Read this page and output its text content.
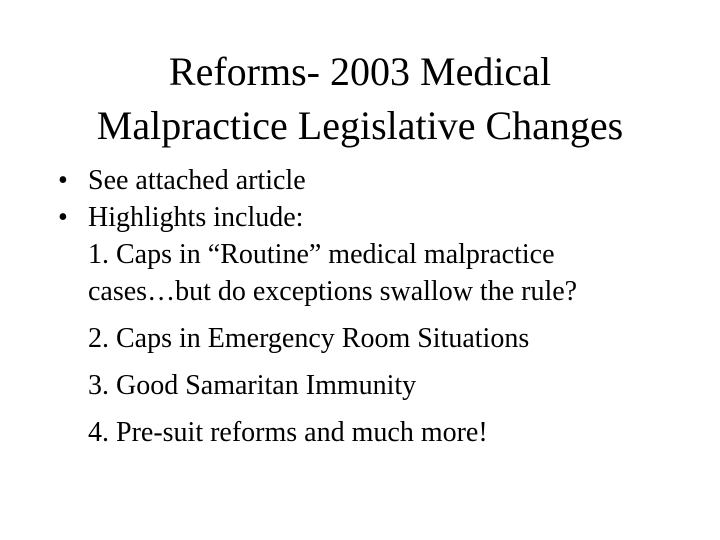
Reforms- 2003 Medical
Malpractice Legislative Changes
• See attached article
• Highlights include:
1. Caps in “Routine” medical malpractice
cases…but do exceptions swallow the rule?
2. Caps in Emergency Room Situations
3. Good Samaritan Immunity
4. Pre-suit reforms and much more!
